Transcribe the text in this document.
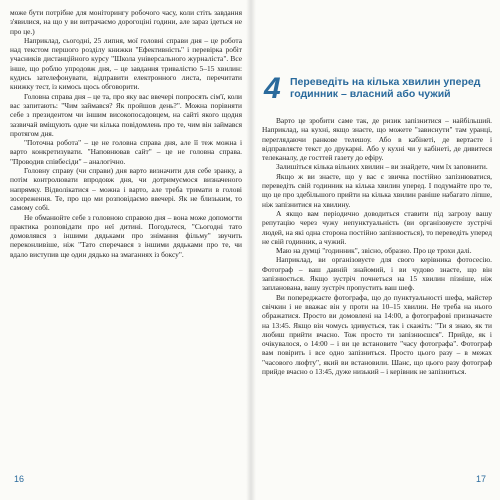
може бути потрібне для моніторингу робочого часу, коли стіть завдання з'явилися, на що у ви витрачаємо дорогоціні години, але зараз ідеться не про це.)

Наприклад, сьогодні, 25 липня, мої головні справи дня – це робота над текстом першого розділу книжки "Ефективність" і перевірка робіт учасників дистанційного курсу "Школа універсального журналіста". Все інше, що роблю упродовж дня, – це завдання тривалістю 5–15 хвилин: кудись зателефонувати, відправити електронного листа, перечитати книжку тест, із кимось щось обговорити.

Головна справа дня – це та, про яку вас ввечері попросять сім'ї, коли вас запитають: "Чим займався? Як пройшов день?". Можна порівняти себе з президентом чи іншим високопосадовцем, на сайті якого щодня зазвичай вміщують одне чи кілька повідомлень про те, чим він займався протягом дня.

"Поточна робота" – це не головна справа дня, але її теж можна і варто конкретизувати. "Наповнював сайт" – це не головна справа. "Проводив співбесіди" – аналогічно.

Головну справу (чи справи) дня варто визначити для себе зранку, а потім контролювати впродовж дня, чи дотримуємося визначеного напрямку. Відволікатися – можна і варто, але треба тримати в голові зосереження. Те, про що ми розповідаємо ввечері. Як не близьким, то самому собі.

Не обманюйте себе з головною справою дня – вона може допомогти практика розповідати про неї дитині. Погодьтеся, "Сьогодні тато домовлявся з іншими дядьками про знімання фільму" звучить переконливіше, ніж "Тато сперечався з іншими дядьками про те, чи вдало виступив ще один дядько на змаганнях із боксу".

4 Переведіть на кілька хвилин уперед годинник – власний або чужий

Варто це зробити саме так, де ризик запізнитися – найбільший. Наприклад, на кухні, якщо знаєте, що можете "зависнути" там уранці, переглядаючи ранкове телешоу. Або в кабінеті, де вертаєте і відправляєте текст до друкарні. Або у кухні чи у кабінеті, де дивитеся телеканалу, де госттей газету до ефіру.

Залишіться кілька вільних хвилин – ви знайдете, чим їх заповнити.

Якщо ж ви знаєте, що у вас є звичка постійно запізнюватися, переведіть свій годинник на кілька хвилин уперед. І подумайте про те, що це про здебільшого прийти на кілька хвилин раніше набагато ліпше, ніж запізнитися на хвилину.

А якщо вам періодично доводиться ставити під загрозу вашу репутацію через чужу непунктуальність (ви організовуєте зустрічі людей, на які одна сторона постійно запізнюється), то переведіть уперед не свій годинник, а чужий.

Маю на думці "годинник", звісно, образно. Про це трохи далі.

Наприклад, ви організовуєте для свого керівника фотосесію. Фотограф – ваш давній знайомий, і ви чудово знаєте, що він запізнюється. Якщо зустріч почнеться на 15 хвилин пізніше, ніж запланована, вашу зустріч пропустить ваш шеф.

Ви попереджаєте фотографа, що до пунктуальності шефа, майстер свічкин і не вважає він у проти на 10–15 хвилин. Не треба на нього ображатися. Просто ви домовлені на 14:00, а фотографові призначаєте на 13:45. Якщо він чомусь здивується, так і скажіть: "Ти я знаю, як ти любиш прийти вчасно. Тож просто ти запізнюєшся". Прийде, як і очікувалося, о 14:00 – і ви це встановите "часу фотографа". Фотограф вам повірить і все одно запізниться. Просто цього разу – в межах "часового люфту", який ви встановили. Шанс, що цього разу фотограф прийде вчасно о 13:45, дуже низький – і керівник не запізниться.

16	17
